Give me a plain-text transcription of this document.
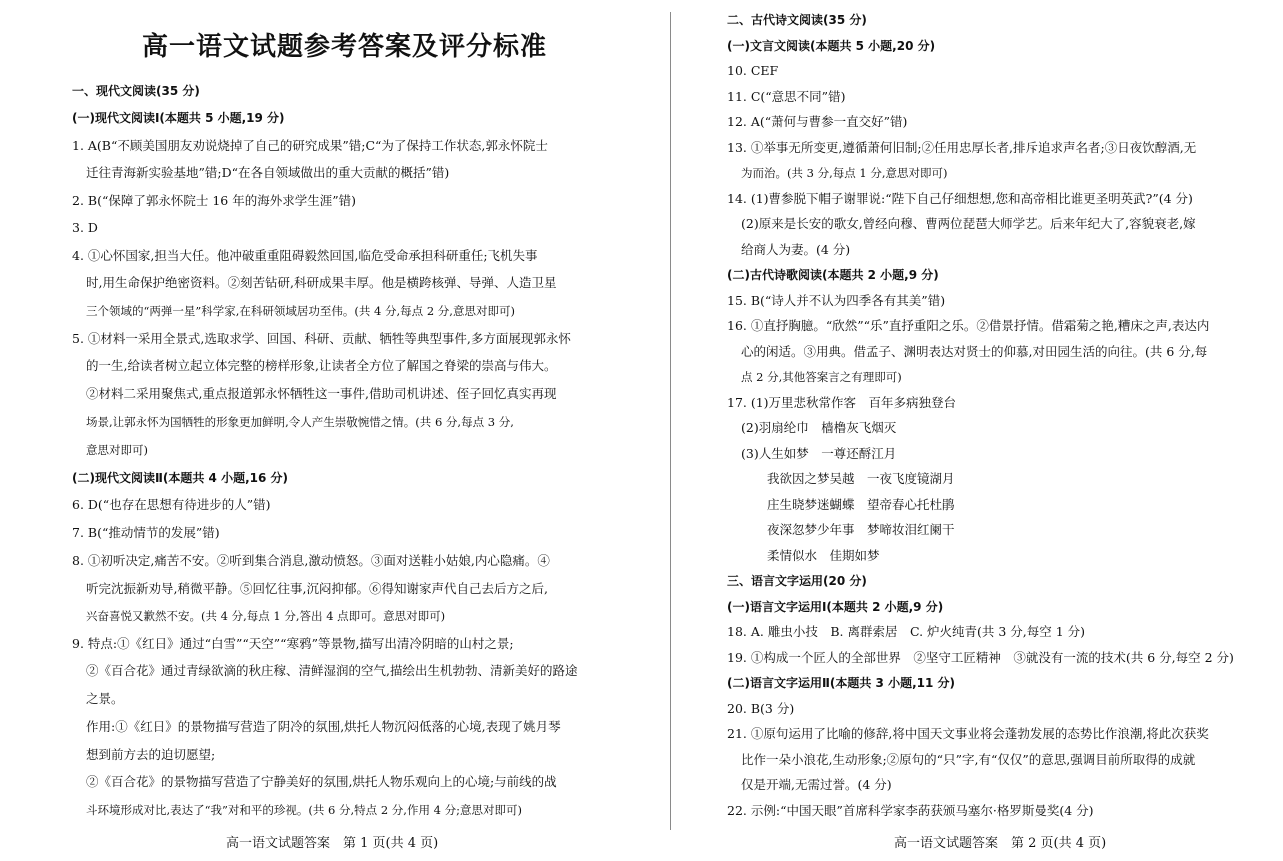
高一语文试题参考答案及评分标准
一、现代文阅读(35 分)
(一)现代文阅读Ⅰ(本题共 5 小题,19 分)
1. A(B“不顾美国朋友劝说烧掉了自己的研究成果”错;C“为了保持工作状态,郭永怀院士
迁往青海新实验基地”错;D“在各自领域做出的重大贡献的概括”错)
2. B(“保障了郭永怀院士 16 年的海外求学生涯”错)
3. D
4. ①心怀国家,担当大任。他冲破重重阻碍毅然回国,临危受命承担科研重任;飞机失事
时,用生命保护绝密资料。②刻苦钻研,科研成果丰厚。他是横跨核弹、导弹、人造卫星
三个领域的“两弹一星”科学家,在科研领域居功至伟。(共 4 分,每点 2 分,意思对即可)
5. ①材料一采用全景式,选取求学、回国、科研、贡献、牺牲等典型事件,多方面展现郭永怀
的一生,给读者树立起立体完整的榜样形象,让读者全方位了解国之脊梁的崇高与伟大。
②材料二采用聚焦式,重点报道郭永怀牺牲这一事件,借助司机讲述、侄子回忆真实再现
场景,让郭永怀为国牺牲的形象更加鲜明,令人产生崇敬惋惜之情。(共 6 分,每点 3 分,
意思对即可)
(二)现代文阅读Ⅱ(本题共 4 小题,16 分)
6. D(“也存在思想有待进步的人”错)
7. B(“推动情节的发展”错)
8. ①初听决定,痛苦不安。②听到集合消息,激动愤怒。③面对送鞋小姑娘,内心隐痛。④
听完沈振新劝导,稍微平静。⑤回忆往事,沉闷抑郁。⑥得知谢家声代自己去后方之后,
兴奋喜悦又歉然不安。(共 4 分,每点 1 分,答出 4 点即可。意思对即可)
9. 特点:①《红日》通过“白雪”“天空”“寒鸦”等景物,描写出清冷阴暗的山村之景;
②《百合花》通过青绿欲滴的秋庄稼、清鲜湿润的空气,描绘出生机勃勃、清新美好的路途
之景。
作用:①《红日》的景物描写营造了阴冷的氛围,烘托人物沉闷低落的心境,表现了姚月琴
想到前方去的迫切愿望;
②《百合花》的景物描写营造了宁静美好的氛围,烘托人物乐观向上的心境;与前线的战
斗环境形成对比,表达了“我”对和平的珍视。(共 6 分,特点 2 分,作用 4 分;意思对即可)
二、古代诗文阅读(35 分)
(一)文言文阅读(本题共 5 小题,20 分)
10. CEF
11. C(“意思不同”错)
12. A(“萧何与曹参一直交好”错)
13. ①举事无所变更,遵循萧何旧制;②任用忠厚长者,排斥追求声名者;③日夜饮醇酒,无
为而治。(共 3 分,每点 1 分,意思对即可)
14. (1)曹参脱下帽子谢罪说:“陛下自己仔细想想,您和高帝相比谁更圣明英武?”(4 分)
(2)原来是长安的歌女,曾经向穆、曹两位琵琶大师学艺。后来年纪大了,容貌衰老,嫁
给商人为妻。(4 分)
(二)古代诗歌阅读(本题共 2 小题,9 分)
15. B(“诗人并不认为四季各有其美”错)
16. ①直抒胸臆。“欣然”“乐”直抒重阳之乐。②借景抒情。借霜菊之艳,糟床之声,表达内
心的闲适。③用典。借孟子、渊明表达对贤士的仰慕,对田园生活的向往。(共 6 分,每
点 2 分,其他答案言之有理即可)
17. (1)万里悲秋常作客　百年多病独登台
(2)羽扇纶巾　樯橹灰飞烟灭
(3)人生如梦　一尊还酹江月
我欲因之梦吴越　一夜飞度镜湖月
庄生晓梦迷蝴蝶　望帝春心托杜鹃
夜深忽梦少年事　梦啼妆泪红阑干
柔情似水　佳期如梦
三、语言文字运用(20 分)
(一)语言文字运用Ⅰ(本题共 2 小题,9 分)
18. A. 雕虫小技　B. 离群索居　C. 炉火纯青(共 3 分,每空 1 分)
19. ①构成一个匠人的全部世界　②坚守工匠精神　③就没有一流的技术(共 6 分,每空 2 分)
(二)语言文字运用Ⅱ(本题共 3 小题,11 分)
20. B(3 分)
21. ①原句运用了比喻的修辞,将中国天文事业将会蓬勃发展的态势比作浪潮,将此次获奖
比作一朵小浪花,生动形象;②原句的“只”字,有“仅仅”的意思,强调目前所取得的成就
仅是开端,无需过誉。(4 分)
22. 示例:“中国天眼”首席科学家李菂获颁马塞尔·格罗斯曼奖(4 分)
高一语文试题答案　第 1 页(共 4 页)	高一语文试题答案　第 2 页(共 4 页)
